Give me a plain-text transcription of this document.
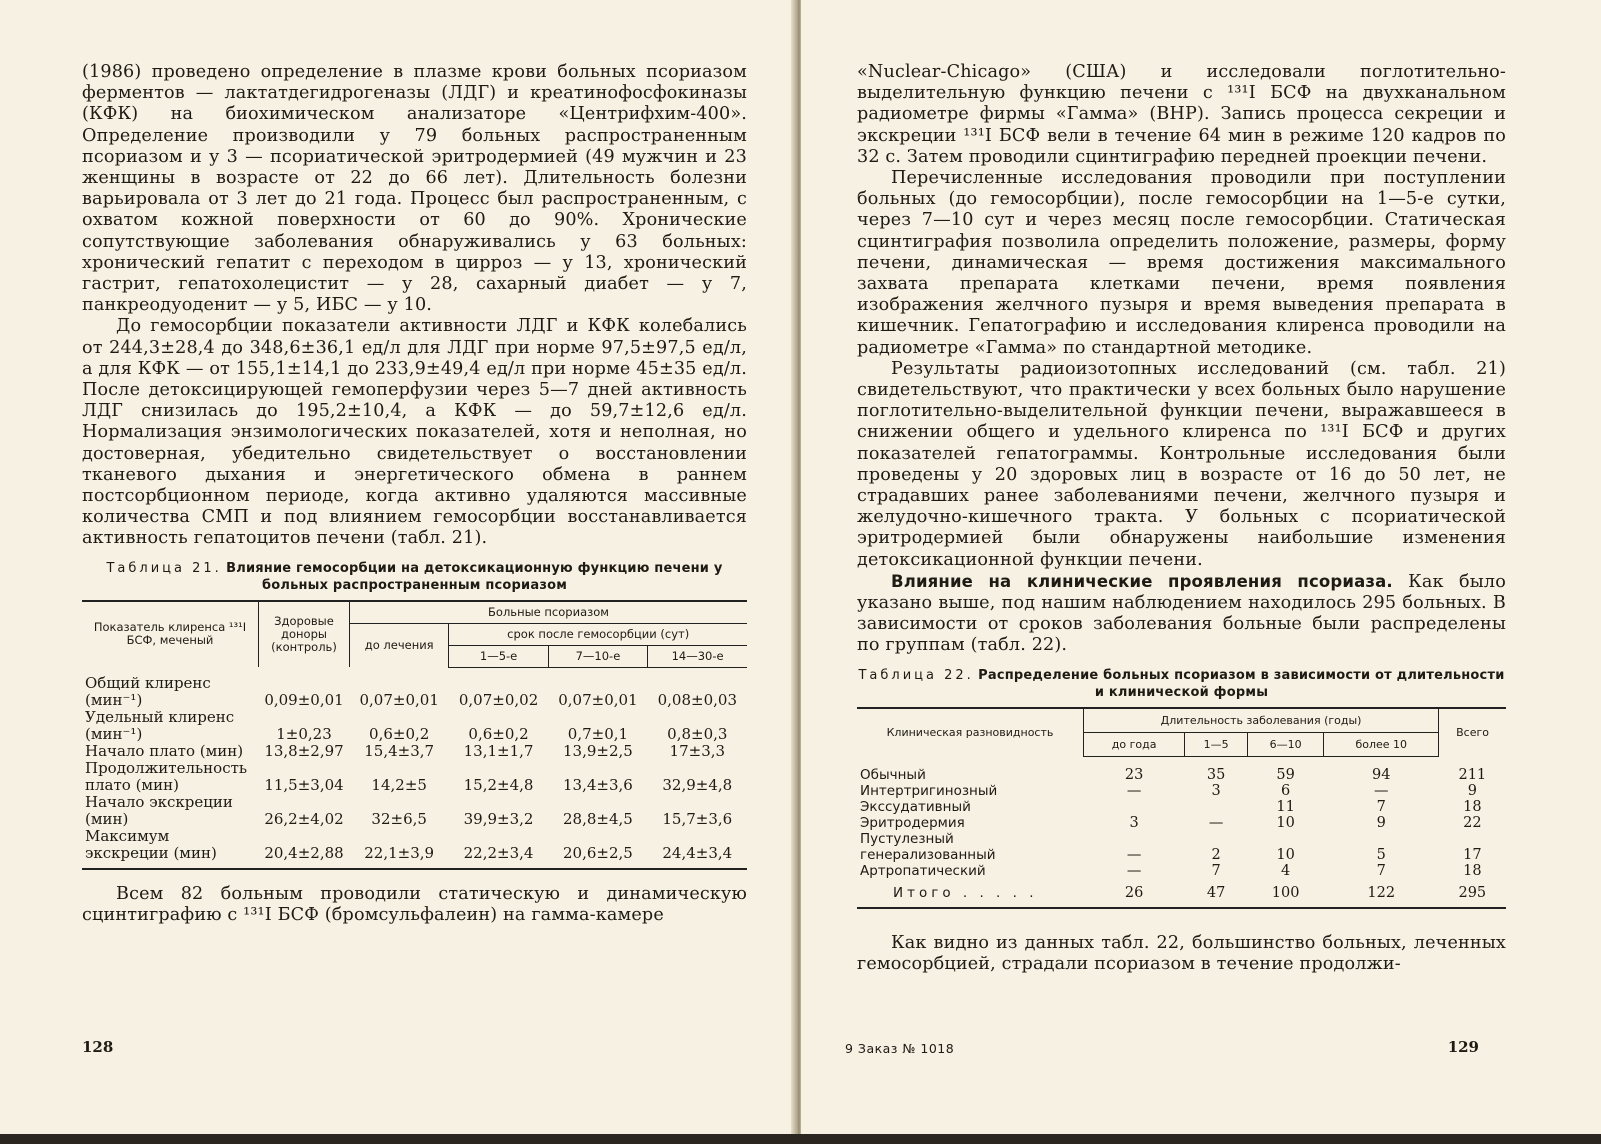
(1986) проведено определение в плазме крови больных псориазом ферментов — лактатдегидрогеназы (ЛДГ) и креатинофосфокиназы (КФК) на биохимическом анализаторе «Центрифхим-400». Определение производили у 79 больных распространенным псориазом и у 3 — псориатической эритродермией (49 мужчин и 23 женщины в возрасте от 22 до 66 лет). Длительность болезни варьировала от 3 лет до 21 года. Процесс был распространенным, с охватом кожной поверхности от 60 до 90%. Хронические сопутствующие заболевания обнаруживались у 63 больных: хронический гепатит с переходом в цирроз — у 13, хронический гастрит, гепатохолецистит — у 28, сахарный диабет — у 7, панкреодуоденит — у 5, ИБС — у 10.

До гемосорбции показатели активности ЛДГ и КФК колебались от 244,3±28,4 до 348,6±36,1 ед/л для ЛДГ при норме 97,5±97,5 ед/л, а для КФК — от 155,1±14,1 до 233,9±49,4 ед/л при норме 45±35 ед/л. После детоксицирующей гемоперфузии через 5—7 дней активность ЛДГ снизилась до 195,2±10,4, а КФК — до 59,7±12,6 ед/л. Нормализация энзимологических показателей, хотя и неполная, но достоверная, убедительно свидетельствует о восстановлении тканевого дыхания и энергетического обмена в раннем постсорбционном периоде, когда активно удаляются массивные количества СМП и под влиянием гемосорбции восстанавливается активность гепатоцитов печени (табл. 21).

Таблица 21. Влияние гемосорбции на детоксикационную функцию печени у больных распространенным псориазом
Показатель клиренса ¹³¹I БСФ, меченый	Здоровые доноры (контроль)	Больные псориазом			
		до лечения	срок после гемосорбции (сут)		
			1—5-е	7—10-е	14—30-е
Общий клиренс (мин⁻¹)	0,09±0,01	0,07±0,01	0,07±0,02	0,07±0,01	0,08±0,03
Удельный клиренс (мин⁻¹)	1±0,23	0,6±0,2	0,6±0,2	0,7±0,1	0,8±0,3
Начало плато (мин)	13,8±2,97	15,4±3,7	13,1±1,7	13,9±2,5	17±3,3
Продолжительность плато (мин)	11,5±3,04	14,2±5	15,2±4,8	13,4±3,6	32,9±4,8
Начало экскреции (мин)	26,2±4,02	32±6,5	39,9±3,2	28,8±4,5	15,7±3,6
Максимум экскреции (мин)	20,4±2,88	22,1±3,9	22,2±3,4	20,6±2,5	24,4±3,4

Всем 82 больным проводили статическую и динамическую сцинтиграфию с ¹³¹I БСФ (бромсульфалеин) на гамма-камере

128

«Nuclear-Chicago» (США) и исследовали поглотительно-выделительную функцию печени с ¹³¹I БСФ на двухканальном радиометре фирмы «Гамма» (ВНР). Запись процесса секреции и экскреции ¹³¹I БСФ вели в течение 64 мин в режиме 120 кадров по 32 с. Затем проводили сцинтиграфию передней проекции печени.

Перечисленные исследования проводили при поступлении больных (до гемосорбции), после гемосорбции на 1—5-е сутки, через 7—10 сут и через месяц после гемосорбции. Статическая сцинтиграфия позволила определить положение, размеры, форму печени, динамическая — время достижения максимального захвата препарата клетками печени, время появления изображения желчного пузыря и время выведения препарата в кишечник. Гепатографию и исследования клиренса проводили на радиометре «Гамма» по стандартной методике.

Результаты радиоизотопных исследований (см. табл. 21) свидетельствуют, что практически у всех больных было нарушение поглотительно-выделительной функции печени, выражавшееся в снижении общего и удельного клиренса по ¹³¹I БСФ и других показателей гепатограммы. Контрольные исследования были проведены у 20 здоровых лиц в возрасте от 16 до 50 лет, не страдавших ранее заболеваниями печени, желчного пузыря и желудочно-кишечного тракта. У больных с псориатической эритродермией были обнаружены наибольшие изменения детоксикационной функции печени.

Влияние на клинические проявления псориаза. Как было указано выше, под нашим наблюдением находилось 295 больных. В зависимости от сроков заболевания больные были распределены по группам (табл. 22).

Таблица 22. Распределение больных псориазом в зависимости от длительности и клинической формы
Клиническая разновидность	Длительность заболевания (годы)				Всего
	до года	1—5	6—10	более 10	
Обычный	23	35	59	94	211
Интертригинозный	—	3	6	—	9
Экссудативный			11	7	18
Эритродермия	3	—	10	9	22
Пустулезный генерализованный	—	2	10	5	17
Артропатический	—	7	4	7	18
Итого . . . . .	26	47	100	122	295

Как видно из данных табл. 22, большинство больных, леченных гемосорбцией, страдали псориазом в течение продолжи-

129
9 Заказ № 1018
